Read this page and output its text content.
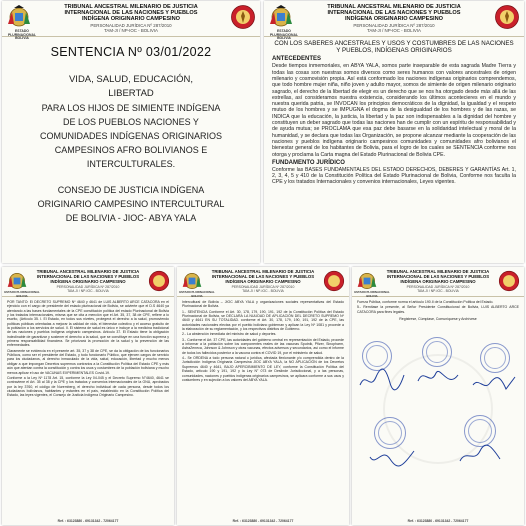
TRIBUNAL ANCESTRAL MILENARIO DE JUSTICIA
INTERNACIONAL DE LAS NACIONES Y PUEBLOS
INDÍGENA ORIGINARIO CAMPESINO
PERSONALIDAD JURÍDICA Nº 287/2010
TAM-JI / NP-IOC - BOLIVIA
ESTADO PLURINACIONAL BOLIVIA
SENTENCIA Nº 03/01/2022
VIDA, SALUD, EDUCACIÓN,
LIBERTAD
PARA LOS HIJOS DE SIMIENTE INDÍGENA
DE LOS PUEBLOS NACIONES Y
COMUNIDADES INDÍGENAS ORIGINARIOS
CAMPESINOS AFRO BOLIVIANOS E
INTERCULTURALES.
CONSEJO DE JUSTICIA INDÍGENA
ORIGINARIO CAMPESINO INTERCULTURAL
DE BOLIVIA - JIOC- ABYA YALA
TRIBUNAL ANCESTRAL MILENARIO DE JUSTICIA
INTERNACIONAL DE LAS NACIONES Y PUEBLOS
INDÍGENA ORIGINARIO CAMPESINO
PERSONALIDAD JURÍDICA Nº 287/2010
TAM-JI / NP-IOC - BOLIVIA
ESTADO PLURINACIONAL BOLIVIA
CON LOS SABERES ANCESTRALES Y USOS Y COSTUMBRES DE LAS NACIONES Y PUEBLOS, INDÍGENAS ORIGINARIOS
ANTECEDENTES
Desde tiempos inmemoriales, en ABYA YALA, somos parte inseparable de esta sagrada Madre Tierra y todas las cosas son nuestras somos diversos como seres humanos con valores ancestrales de origen milenario y cosmovisión propia. Así está conformado los naciones indígenas originarios comprendemos, que todo hombre mujer niña, niño joven y adulto mayor, somos de simiente de origen milenario originario sagrado, el derecho de la libertad de elegir es un derecho que se nos ha otorgado desde más allá de las estrellas, así consideramos nuestra existencia, considerando los últimos acontecieres en el mundo y nuestra querida patria, se INVOCAN los principios democráticos de la dignidad, la igualdad y el respeto mutuo de los hombres y se IMPUGNA el dogma de la desigualdad de los hombres y de las razas, se INDICA que la educación, la justicia, la libertad y la paz son indispensables a la dignidad del hombre y constituyen un deber sagrado que todas las naciones han de cumplir con un espíritu de responsabilidad y de ayuda mutua; se PROCLAMA que esa paz debe basarse en la solidaridad intelectual y moral de la humanidad, y se declara que todas las Organización, se propone alcanzar mediante la cooperación de las naciones y pueblos indígena originario campesinos comunidades y comunidades afro bolivianos el bienestar general de los habitantes de Bolivia, para el logro de los cuales se SENTENCIA conforme nos otorga y proclama la Carta magna del Estado Plurinacional de Bolivia CPE.
FUNDAMENTO JURÍDICO
Conforme las BASES FUNDAMENTALES DEL ESTADO DERECHOS, DEBERES Y GARANTÍAS Art. 1, 2, 3, 4, 5 y 410 de la Constitución Política del Estado Plurinacional de Bolivia, Conforme nos faculta la CPE y los tratados Internacionales y convenios internacionales, Leyes vigentes.
TRIBUNAL ANCESTRAL MILENARIO DE JUSTICIA
INTERNACIONAL DE LAS NACIONES Y PUEBLOS
INDÍGENA ORIGINARIO CAMPESINO
PERSONALIDAD JURÍDICA Nº 287/2010
TAM-JI / NP-IOC - BOLIVIA
ESTADO PLURINACIONAL BOLIVIA
POR TANTO: El DECRETO SUPREMO Nº 4640 y 4641 de LUIS ALBERTO ARCE CATACORA en el ejercicio con el cargo de presidente del estado plurinacional de Bolivia, se advierte que el D.S 4640 ya atentando a las bases fundamentales de la CPE constitución política del estado Plurinacional de Bolivia y los tratados internacionales, misma que se cita a mención que el Art. 35, 37, 38 de CPE, reflere a lo escrito, (Artículo 35. I. El Estado, en todos sus niveles, protegerá el derecho a la salud, promoviendo políticas públicas orientadas a mejorar la calidad de vida, el bienestar colectivo y el acceso gratuito de la población a los servicios de salud. II. El sistema de salud es único e incluye a la medicina tradicional de las naciones y pueblos indígena originario campesinos. Artículo 37. El Estado tiene la obligación indeclinable de garantizar y sostener el derecho a la salud, que se constituye en una función suprema y primera responsabilidad financiera. Se priorizará la promoción de la salud y la prevención de las enfermedades.
Claramente se evidencia en el presente art. 35, 37 y 38 de CPE, se da la obligación de los funcionarios Públicos, como ser el presidente del Estado, y todo funcionario Público, que ejercen cargos de servicio para los ciudadanos, al derecho inmaculado de la vida, salud, educación, libertad y mucho menos obligar a que impongan Decretos supremos contrarios a la Constitución Política del Estado CPE y más aún que atentan contra la constitución y contra los usos y costumbres de la población boliviana y mucho menos aplicar el uso de VACUNAS EXPERIMENTALES Covid-19.
Conforme a la Ley Nº 1178 Art. 15, conforme la Ley 04-045 y el Decreto Supremo N°4640, 4641 se contraviene el Art. 35 al 38 y la CPE y los tratados y convenios internacionales de la ONU, aprobados por la ley 3760, el código de Nuremberg, el derecho individual de cada persona, desde todos los ciudadanos bolivianos, habitantes y estantes en el país, establecido en la Constitución Política del Estado, las leyes vigentes, el Consejo de Justicia Indígena Originario Campesino.
Ref. : 63123880 - 69131342 - 72064177
TRIBUNAL ANCESTRAL MILENARIO DE JUSTICIA
INTERNACIONAL DE LAS NACIONES Y PUEBLOS
INDÍGENA ORIGINARIO CAMPESINO
PERSONALIDAD JURÍDICA Nº 287/2010
TAM-JI / NP-IOC - BOLIVIA
ESTADO PLURINACIONAL BOLIVIA
Intercultural de Bolivia – JIOC ABYA YALA y organizaciones sociales representativas del Estado Plurinacional de Bolivia.
1.- SENTENCIA Conforme el Art. 30, 178, 179, 190, 191, 192 de la Constitución Política del Estado Plurinacional de Bolivia, se DECLARA LA NULIDAD DE APLICACIÓN DEL DECRETO SUPREMO Nº 4640 y 4641 EN SU TOTALIDAD. conforme el Art. 30, 178, 179, 190, 191, 192 de la CPE, las autoridades nacionales electas por el pueblo boliviano gobiernan y aplican la Ley Nº 1081 y procede a la elaboración de su reglamentación, y los respectivos distritos de Gobierno.
2.- La abstención inmediata del ministro de salud y deportes.
3.- Conforme el Art. 37 CPE, las autoridades del gobierno central en representación del Estado, procede a informar a la población sobre los componentes reales de las vacunas Sputnik, Pfizer, Sinopharm, AstraZeneca, Johnson & Johnson y otras vacunas, efectos adversos y secundarios, así como el informe de todos los fallecidos posterior a la vacuna contra el COVID 19, por el ministerio de salud.
4.- Se ORDENA a todo persona natural o jurídica, afectada flexionante y/o comprendida dentro de la Jurisdicción Indígena Originaria Campesina JIOC ABYA YALA, la NO APLICACIÓN de los Decretos Supremos 4640 y 4641, BAJO APERCIBIMIENTO DE LEY, conforme la Constitución Política del Estado, artículo 190 y 191, 192 y la Ley N° 073 de Deslinde Jurisdiccional, y a las personas, comunidades, naciones y pueblos indígenas originarios campesinos, se aplicara conforme a sus usos y costumbres y en sujeción a los valores del ABYA YALA.
Ref. : 63123880 - 69131342 - 72064177
TRIBUNAL ANCESTRAL MILENARIO DE JUSTICIA
INTERNACIONAL DE LAS NACIONES Y PUEBLOS
INDÍGENA ORIGINARIO CAMPESINO
PERSONALIDAD JURÍDICA Nº 287/2010
TAM-JI / NP-IOC - BOLIVIA
ESTADO PLURINACIONAL BOLIVIA
Fuerza Pública, conforme norma el artículo 190.II de la Constitución Política del Estado.
5.- Remítase la presente, al Señor Presidente Constitucional de Bolivia, LUIS ALBERTO ARCE CATACORA para fines legales.
Regístrese, Cúmplase, Comuníquese y Archívese
Ref. : 63123880 - 69131342 - 72064177
